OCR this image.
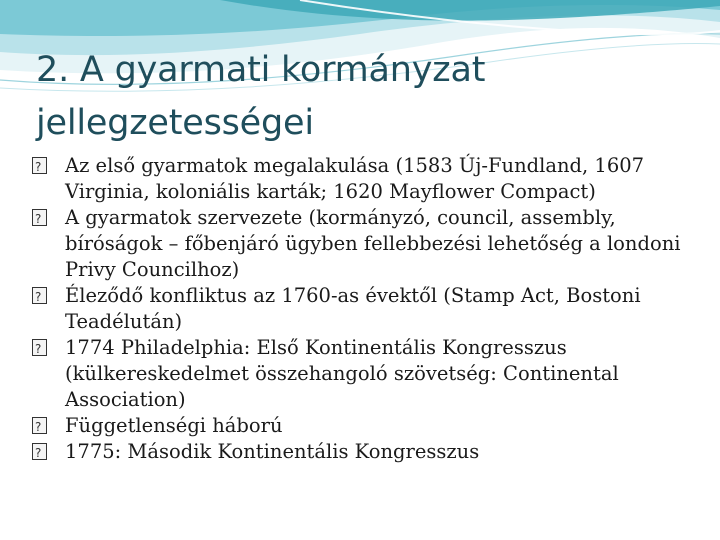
2. A gyarmati kormányzat
jellegzetességei
?
Az első gyarmatok megalakulása (1583 Új-Fundland, 1607 Virginia, koloniális karták; 1620 Mayflower Compact)
?
A gyarmatok szervezete (kormányzó, council, assembly, bíróságok – főbenjáró ügyben fellebbezési lehetőség a londoni Privy Councilhoz)
?
Éleződő konfliktus az 1760-as évektől (Stamp Act, Bostoni Teadélután)
?
1774 Philadelphia: Első Kontinentális Kongresszus (külkereskedelmet összehangoló szövetség: Continental Association)
?
Függetlenségi háború
?
1775: Második Kontinentális Kongresszus
